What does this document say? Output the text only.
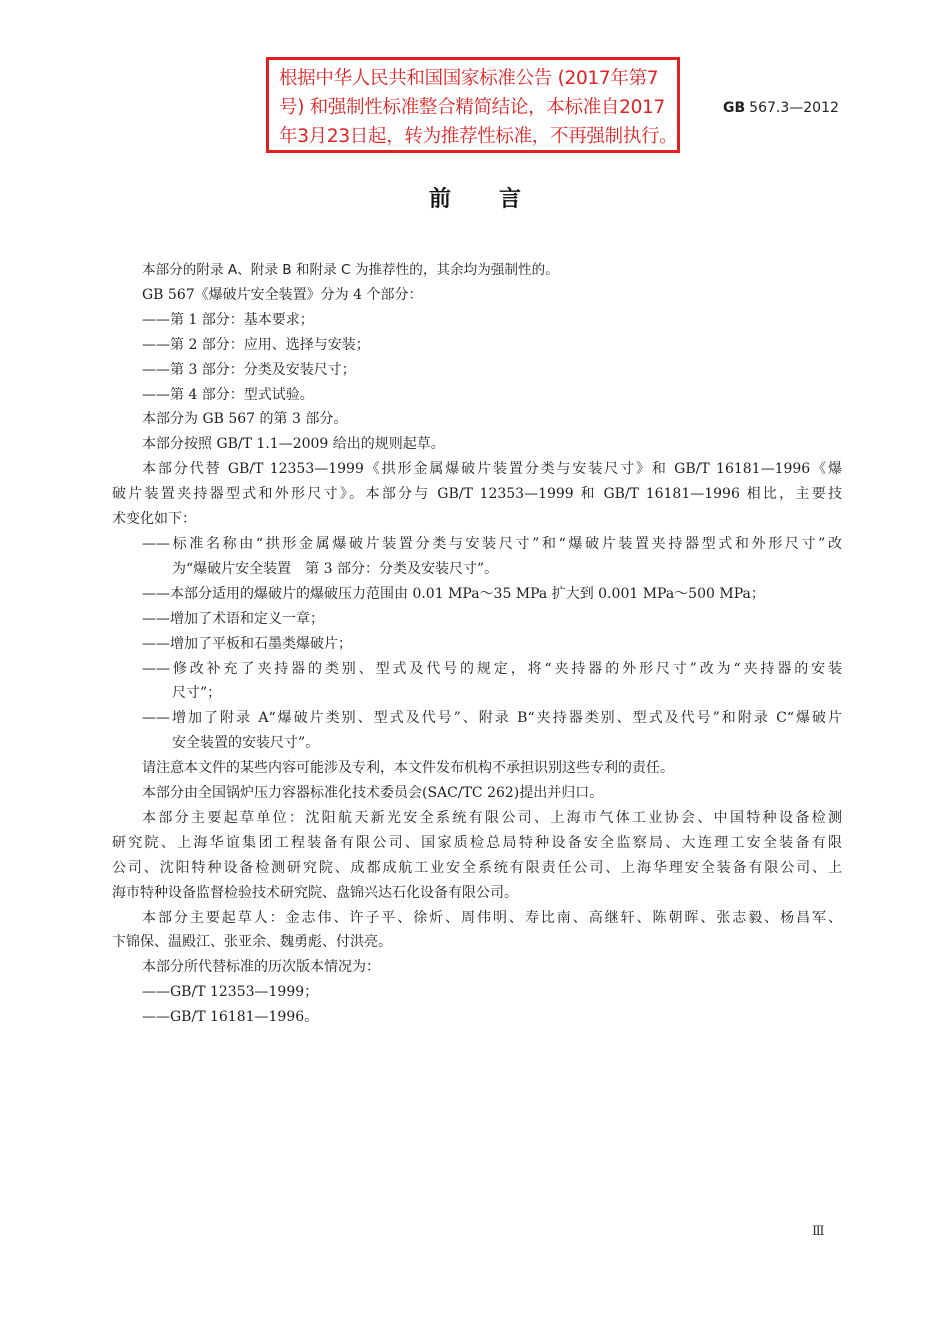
根据中华人民共和国国家标准公告 (2017年第7
号) 和强制性标准整合精简结论，本标准自2017
年3月23日起，转为推荐性标准，不再强制执行。
GB 567.3—2012
前言
本部分的附录 A、附录 B 和附录 C 为推荐性的，其余均为强制性的。
GB 567《爆破片安全装置》分为 4 个部分：
——第 1 部分：基本要求；
——第 2 部分：应用、选择与安装；
——第 3 部分：分类及安装尺寸；
——第 4 部分：型式试验。
本部分为 GB 567 的第 3 部分。
本部分按照 GB/T 1.1—2009 给出的规则起草。
本部分代替 GB/T 12353—1999《拱形金属爆破片装置分类与安装尺寸》和 GB/T 16181—1996《爆
破片装置夹持器型式和外形尺寸》。本部分与 GB/T 12353—1999 和 GB/T 16181—1996 相比，主要技
术变化如下：
——标准名称由“拱形金属爆破片装置分类与安装尺寸”和“爆破片装置夹持器型式和外形尺寸”改
为“爆破片安全装置　第 3 部分：分类及安装尺寸”。
——本部分适用的爆破片的爆破压力范围由 0.01 MPa～35 MPa 扩大到 0.001 MPa～500 MPa；
——增加了术语和定义一章；
——增加了平板和石墨类爆破片；
——修改补充了夹持器的类别、型式及代号的规定，将“夹持器的外形尺寸”改为“夹持器的安装
尺寸”；
——增加了附录 A“爆破片类别、型式及代号”、附录 B“夹持器类别、型式及代号”和附录 C“爆破片
安全装置的安装尺寸”。
请注意本文件的某些内容可能涉及专利，本文件发布机构不承担识别这些专利的责任。
本部分由全国锅炉压力容器标准化技术委员会(SAC/TC 262)提出并归口。
本部分主要起草单位：沈阳航天新光安全系统有限公司、上海市气体工业协会、中国特种设备检测
研究院、上海华谊集团工程装备有限公司、国家质检总局特种设备安全监察局、大连理工安全装备有限
公司、沈阳特种设备检测研究院、成都成航工业安全系统有限责任公司、上海华理安全装备有限公司、上
海市特种设备监督检验技术研究院、盘锦兴达石化设备有限公司。
本部分主要起草人：金志伟、许子平、徐炘、周伟明、寿比南、高继轩、陈朝晖、张志毅、杨昌军、
卞锦保、温殿江、张亚余、魏勇彪、付洪亮。
本部分所代替标准的历次版本情况为：
——GB/T 12353—1999；
——GB/T 16181—1996。
Ⅲ
